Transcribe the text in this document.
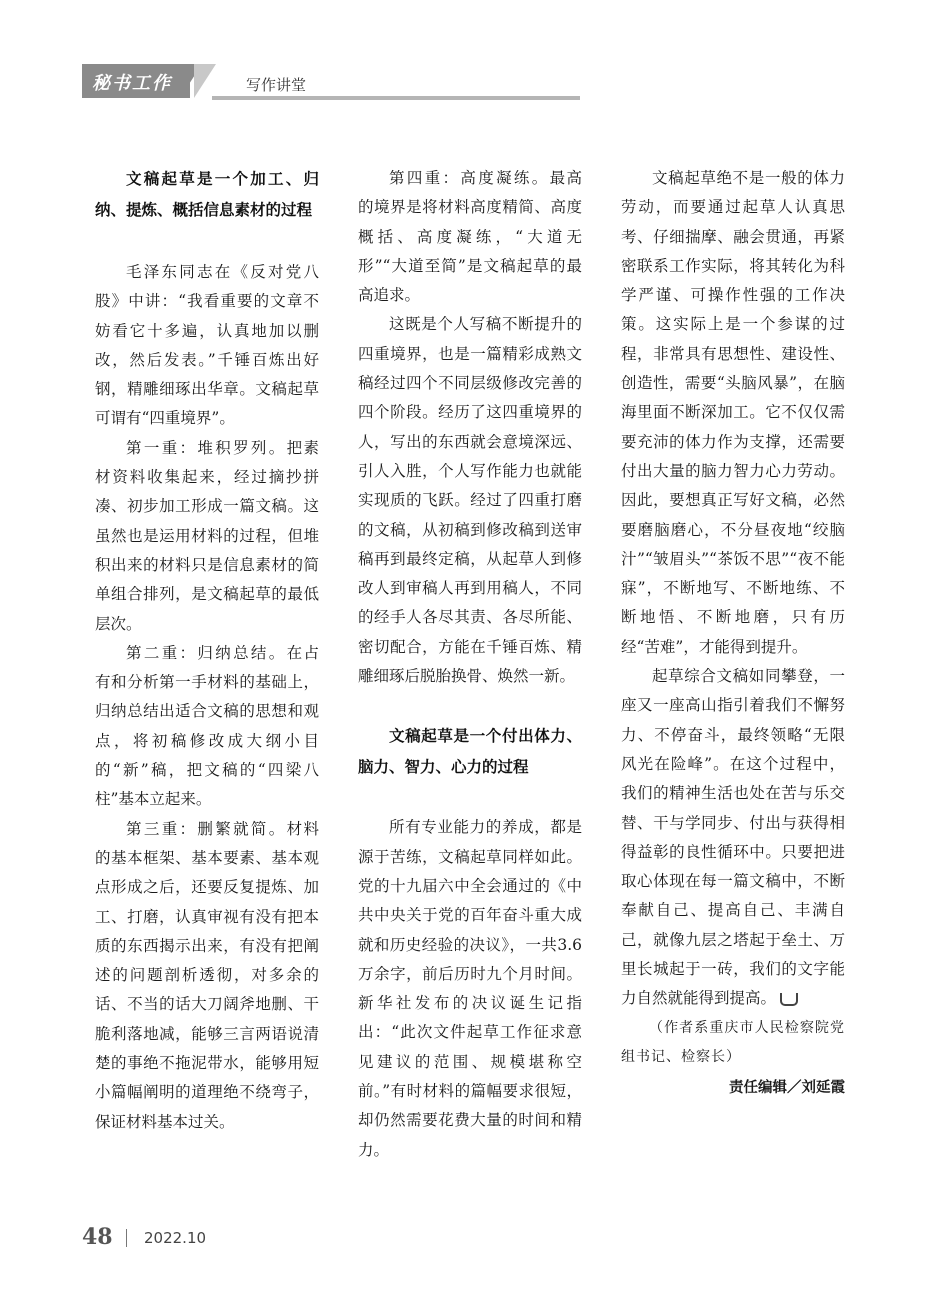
秘书工作	写作讲堂

文稿起草是一个加工、归纳、提炼、概括信息素材的过程

毛泽东同志在《反对党八股》中讲：“我看重要的文章不妨看它十多遍，认真地加以删改，然后发表。”千锤百炼出好钢，精雕细琢出华章。文稿起草可谓有“四重境界”。

第一重：堆积罗列。把素材资料收集起来，经过摘抄拼凑、初步加工形成一篇文稿。这虽然也是运用材料的过程，但堆积出来的材料只是信息素材的简单组合排列，是文稿起草的最低层次。

第二重：归纳总结。在占有和分析第一手材料的基础上，归纳总结出适合文稿的思想和观点，将初稿修改成大纲小目的“新”稿，把文稿的“四梁八柱”基本立起来。

第三重：删繁就简。材料的基本框架、基本要素、基本观点形成之后，还要反复提炼、加工、打磨，认真审视有没有把本质的东西揭示出来，有没有把阐述的问题剖析透彻，对多余的话、不当的话大刀阔斧地删、干脆利落地减，能够三言两语说清楚的事绝不拖泥带水，能够用短小篇幅阐明的道理绝不绕弯子，保证材料基本过关。

第四重：高度凝练。最高的境界是将材料高度精简、高度概括、高度凝练，“大道无形”“大道至简”是文稿起草的最高追求。

这既是个人写稿不断提升的四重境界，也是一篇精彩成熟文稿经过四个不同层级修改完善的四个阶段。经历了这四重境界的人，写出的东西就会意境深远、引人入胜，个人写作能力也就能实现质的飞跃。经过了四重打磨的文稿，从初稿到修改稿到送审稿再到最终定稿，从起草人到修改人到审稿人再到用稿人，不同的经手人各尽其责、各尽所能、密切配合，方能在千锤百炼、精雕细琢后脱胎换骨、焕然一新。

文稿起草是一个付出体力、脑力、智力、心力的过程

所有专业能力的养成，都是源于苦练，文稿起草同样如此。党的十九届六中全会通过的《中共中央关于党的百年奋斗重大成就和历史经验的决议》，一共3.6万余字，前后历时九个月时间。新华社发布的决议诞生记指出：“此次文件起草工作征求意见建议的范围、规模堪称空前。”有时材料的篇幅要求很短，却仍然需要花费大量的时间和精力。

文稿起草绝不是一般的体力劳动，而要通过起草人认真思考、仔细揣摩、融会贯通，再紧密联系工作实际，将其转化为科学严谨、可操作性强的工作决策。这实际上是一个参谋的过程，非常具有思想性、建设性、创造性，需要“头脑风暴”，在脑海里面不断深加工。它不仅仅需要充沛的体力作为支撑，还需要付出大量的脑力智力心力劳动。因此，要想真正写好文稿，必然要磨脑磨心，不分昼夜地“绞脑汁”“皱眉头”“茶饭不思”“夜不能寐”，不断地写、不断地练、不断地悟、不断地磨，只有历经“苦难”，才能得到提升。

起草综合文稿如同攀登，一座又一座高山指引着我们不懈努力、不停奋斗，最终领略“无限风光在险峰”。在这个过程中，我们的精神生活也处在苦与乐交替、干与学同步、付出与获得相得益彰的良性循环中。只要把进取心体现在每一篇文稿中，不断奉献自己、提高自己、丰满自己，就像九层之塔起于垒土、万里长城起于一砖，我们的文字能力自然就能得到提高。

（作者系重庆市人民检察院党组书记、检察长）

责任编辑／刘延霞
48 2022.10
